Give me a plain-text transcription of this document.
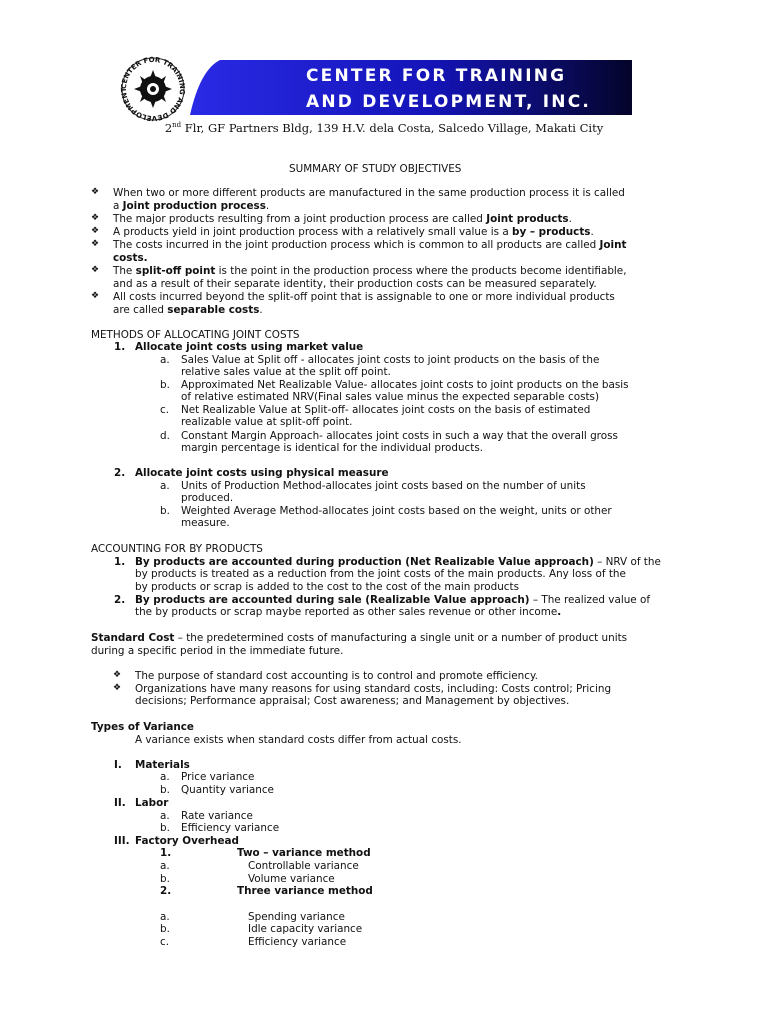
CENTER FOR TRAINING AND DEVELOPMENT
CENTER FOR TRAINING
AND DEVELOPMENT, INC.
2nd Flr, GF Partners Bldg, 139 H.V. dela Costa, Salcedo Village, Makati City
SUMMARY OF STUDY OBJECTIVES
❖ When two or more different products are manufactured in the same production process it is called
a Joint production process.
❖ The major products resulting from a joint production process are called Joint products.
❖ A products yield in joint production process with a relatively small value is a by – products.
❖ The costs incurred in the joint production process which is common to all products are called Joint
costs.
❖ The split-off point is the point in the production process where the products become identifiable,
and as a result of their separate identity, their production costs can be measured separately.
❖ All costs incurred beyond the split-off point that is assignable to one or more individual products
are called separable costs.
METHODS OF ALLOCATING JOINT COSTS
1. Allocate joint costs using market value
a. Sales Value at Split off - allocates joint costs to joint products on the basis of the
relative sales value at the split off point.
b. Approximated Net Realizable Value- allocates joint costs to joint products on the basis
of relative estimated NRV(Final sales value minus the expected separable costs)
c. Net Realizable Value at Split-off- allocates joint costs on the basis of estimated
realizable value at split-off point.
d. Constant Margin Approach- allocates joint costs in such a way that the overall gross
margin percentage is identical for the individual products.
2. Allocate joint costs using physical measure
a. Units of Production Method-allocates joint costs based on the number of units
produced.
b. Weighted Average Method-allocates joint costs based on the weight, units or other
measure.
ACCOUNTING FOR BY PRODUCTS
1. By products are accounted during production (Net Realizable Value approach) – NRV of the
by products is treated as a reduction from the joint costs of the main products. Any loss of the
by products or scrap is added to the cost to the cost of the main products
2. By products are accounted during sale (Realizable Value approach) – The realized value of
the by products or scrap maybe reported as other sales revenue or other income.
Standard Cost – the predetermined costs of manufacturing a single unit or a number of product units
during a specific period in the immediate future.
❖ The purpose of standard cost accounting is to control and promote efficiency.
❖ Organizations have many reasons for using standard costs, including: Costs control; Pricing
decisions; Performance appraisal; Cost awareness; and Management by objectives.
Types of Variance
A variance exists when standard costs differ from actual costs.
I. Materials
a. Price variance
b. Quantity variance
II. Labor
a. Rate variance
b. Efficiency variance
III. Factory Overhead
1.	Two – variance method
a.	Controllable variance
b.	Volume variance
2.	Three variance method
a.	Spending variance
b.	Idle capacity variance
c.	Efficiency variance
